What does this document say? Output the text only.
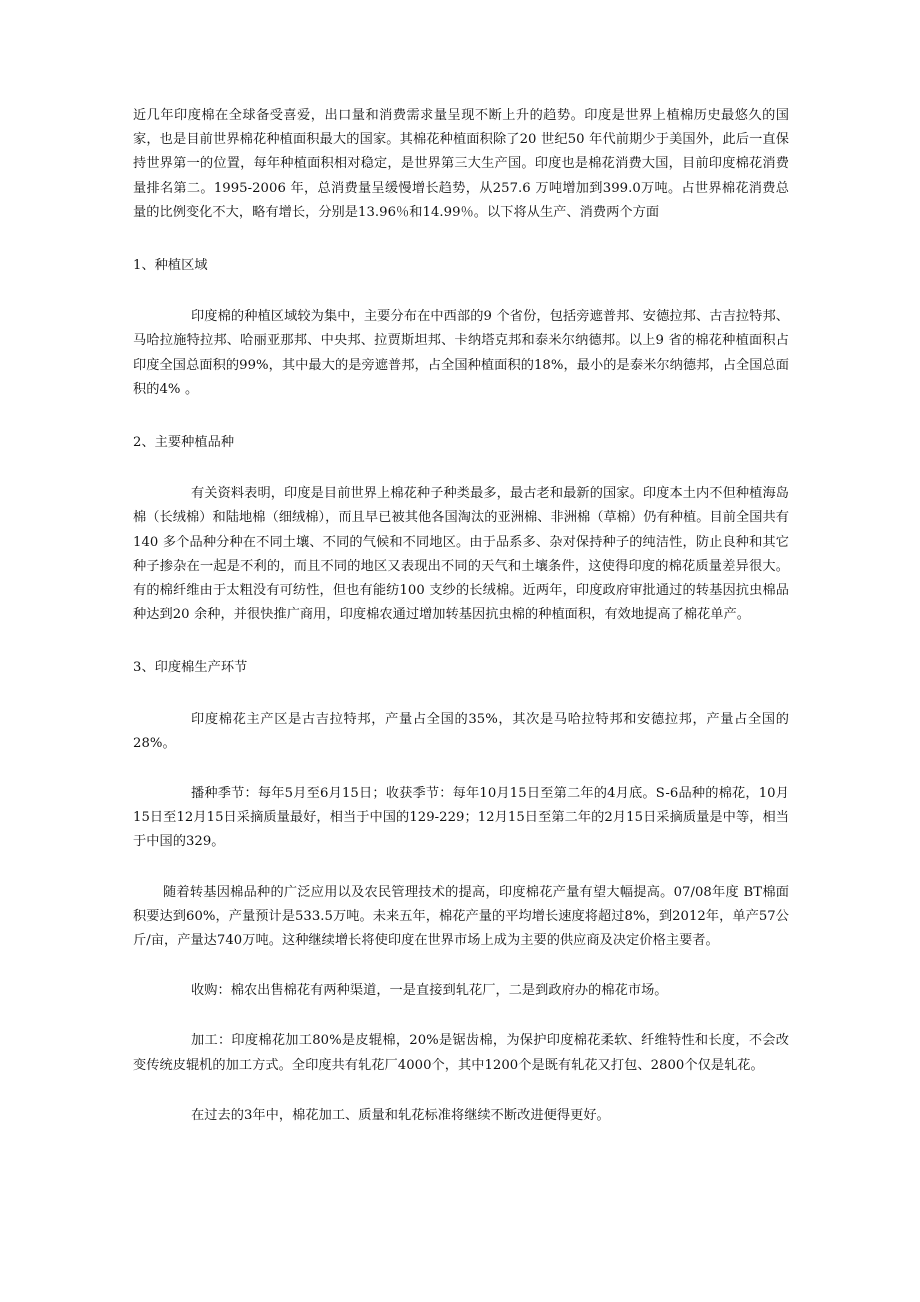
近几年印度棉在全球备受喜爱，出口量和消费需求量呈现不断上升的趋势。印度是世界上植棉历史最悠久的国家，也是目前世界棉花种植面积最大的国家。其棉花种植面积除了20 世纪50 年代前期少于美国外，此后一直保持世界第一的位置，每年种植面积相对稳定，是世界第三大生产国。印度也是棉花消费大国，目前印度棉花消费量排名第二。1995-2006 年，总消费量呈缓慢增长趋势，从257.6 万吨增加到399.0万吨。占世界棉花消费总量的比例变化不大，略有增长，分别是13.96％和14.99％。以下将从生产、消费两个方面

1、种植区域

印度棉的种植区域较为集中，主要分布在中西部的9 个省份，包括旁遮普邦、安德拉邦、古吉拉特邦、马哈拉施特拉邦、哈丽亚那邦、中央邦、拉贾斯坦邦、卡纳塔克邦和泰米尔纳德邦。以上9 省的棉花种植面积占印度全国总面积的99%，其中最大的是旁遮普邦，占全国种植面积的18%，最小的是泰米尔纳德邦，占全国总面积的4% 。

2、主要种植品种

有关资料表明，印度是目前世界上棉花种子种类最多，最古老和最新的国家。印度本土内不但种植海岛棉（长绒棉）和陆地棉（细绒棉），而且早已被其他各国淘汰的亚洲棉、非洲棉（草棉）仍有种植。目前全国共有140 多个品种分种在不同土壤、不同的气候和不同地区。由于品系多、杂对保持种子的纯洁性，防止良种和其它种子掺杂在一起是不利的，而且不同的地区又表现出不同的天气和土壤条件，这使得印度的棉花质量差异很大。有的棉纤维由于太粗没有可纺性，但也有能纺100 支纱的长绒棉。近两年，印度政府审批通过的转基因抗虫棉品种达到20 余种，并很快推广商用，印度棉农通过增加转基因抗虫棉的种植面积，有效地提高了棉花单产。

3、印度棉生产环节

印度棉花主产区是古吉拉特邦，产量占全国的35%，其次是马哈拉特邦和安德拉邦，产量占全国的28%。

播种季节：每年5月至6月15日；收获季节：每年10月15日至第二年的4月底。S-6品种的棉花，10月15日至12月15日采摘质量最好，相当于中国的129-229；12月15日至第二年的2月15日采摘质量是中等，相当于中国的329。

随着转基因棉品种的广泛应用以及农民管理技术的提高，印度棉花产量有望大幅提高。07/08年度 BT棉面积要达到60%，产量预计是533.5万吨。未来五年，棉花产量的平均增长速度将超过8%，到2012年，单产57公斤/亩，产量达740万吨。这种继续增长将使印度在世界市场上成为主要的供应商及决定价格主要者。

收购：棉农出售棉花有两种渠道，一是直接到轧花厂，二是到政府办的棉花市场。

加工：印度棉花加工80%是皮辊棉，20%是锯齿棉，为保护印度棉花柔软、纤维特性和长度，不会改变传统皮辊机的加工方式。全印度共有轧花厂4000个，其中1200个是既有轧花又打包、2800个仅是轧花。

在过去的3年中，棉花加工、质量和轧花标准将继续不断改进便得更好。
